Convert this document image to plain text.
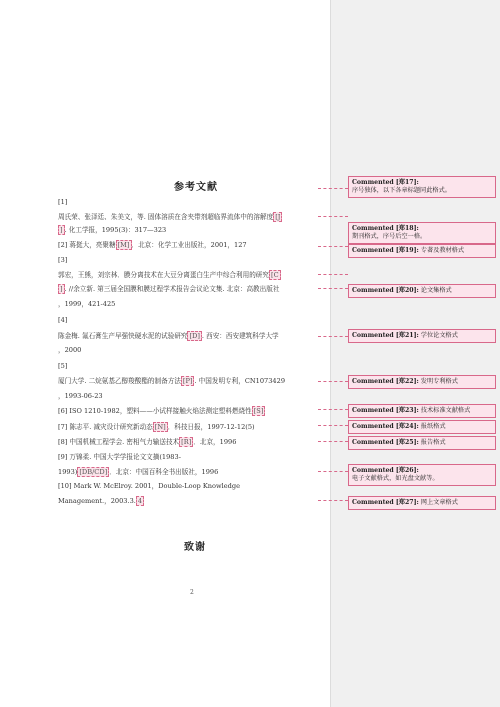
参考文献
[1]
周氏荣、张泽廷、朱美文，等. 固体溶质在含夹带剂超临界流体中的溶解度 [J
] . 化工学报，1995(3)：317—323
[2] 蒋挺大，亮聚糖 [M] ．北京：化学工业出版社，2001，127
[3]
郭宏，王熊，刘宗林．膜分离技术在大豆分离蛋白生产中综合利用的研究 [C
] . //余立新. 第三届全国膜和膜过程学术报告会议论文集. 北京：高教出版社
，1999，421-425
[4]
陈金梅. 氟石膏生产早强快硬水泥的试验研究 [D] . 西安：西安建筑科学大学
，2000
[5]
厦门大学. 二烷氨基乙醇羧酸酯的制备方法 [P] . 中国发明专利，CN1073429
，1993-06-23
[6] ISO 1210-1982，塑料——小试样接触火焰法测定塑料燃烧性 [S]
[7] 陈志平. 减灾设计研究新动态 [N] ．科技日报，1997-12-12(5)
[8] 中国机械工程学会. 密相气力输送技术 [R] ．北京，1996
[9] 万锦柔. 中国大学学报论文文摘(1983-
1993) [DB/CD] ．北京：中国百科全书出版社，1996
[10] Mark W. McElroy. 2001，Double-Loop Knowledge
Management.，2003.3. 4
致谢
2
Commented [郑17]:
序号独体，以下各章标题同此格式。
Commented [郑18]:
期刊格式，序号后空一格。
Commented [郑19]: 专著及教材格式
Commented [郑20]: 论文集格式
Commented [郑21]: 学位论文格式
Commented [郑22]: 发明专利格式
Commented [郑23]: 技术标准文献格式
Commented [郑24]: 报纸格式
Commented [郑25]: 报告格式
Commented [郑26]:
电子文献格式，如光盘文献等。
Commented [郑27]: 网上文章格式
